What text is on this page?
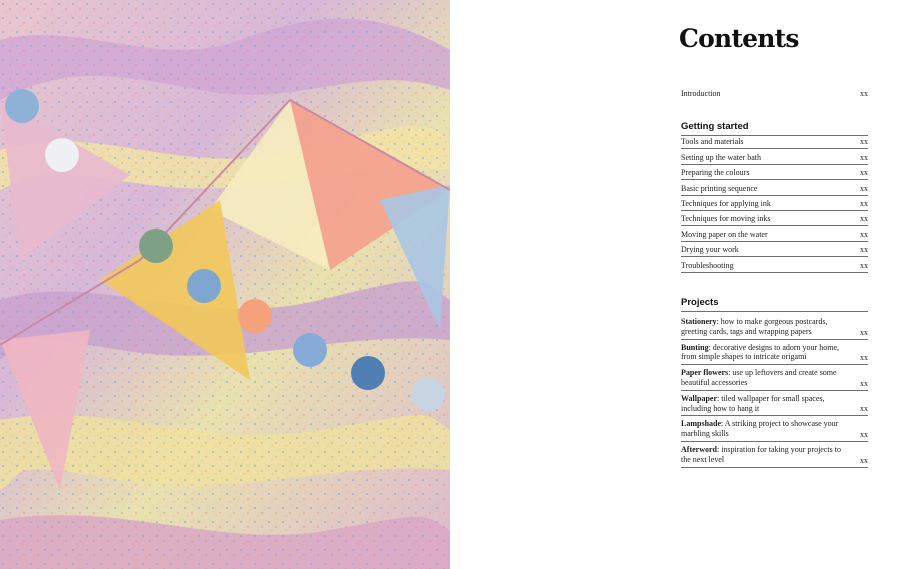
Contents
Introduction	xx
Getting started
Tools and materials	xx
Setting up the water bath	xx
Preparing the colours	xx
Basic printing sequence	xx
Techniques for applying ink	xx
Techniques for moving inks	xx
Moving paper on the water	xx
Drying your work	xx
Troubleshooting	xx
Projects
Stationery: how to make gorgeous postcards, greeting cards, tags and wrapping papers	xx
Bunting: decorative designs to adorn your home, from simple shapes to intricate origami	xx
Paper flowers: use up leftovers and create some beautiful accessories	xx
Wallpaper: tiled wallpaper for small spaces, including how to hang it	xx
Lampshade: A striking project to showcase your marbling skills	xx
Afterword: inspiration for taking your projects to the next level	xx
